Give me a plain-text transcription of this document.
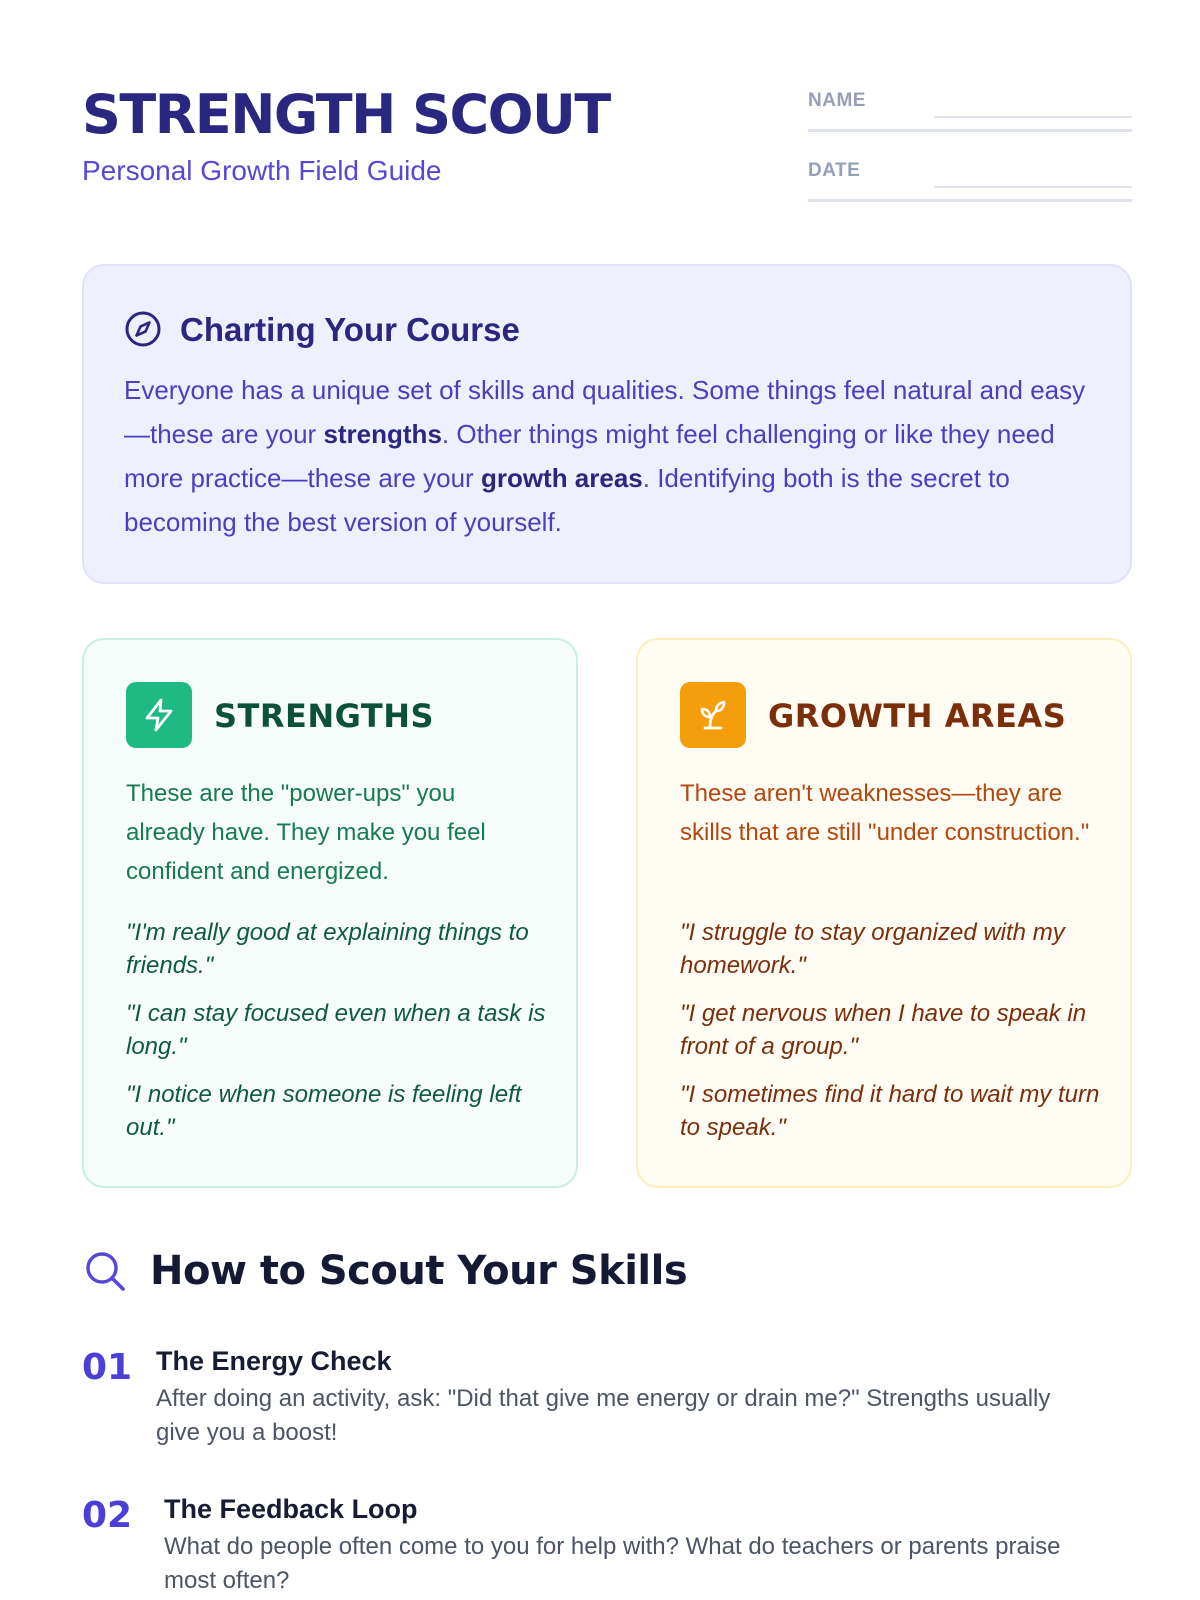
STRENGTH SCOUT
Personal Growth Field Guide
NAME
DATE
Charting Your Course

Everyone has a unique set of skills and qualities. Some things feel natural and easy—these are your strengths. Other things might feel challenging or like they need more practice—these are your growth areas. Identifying both is the secret to becoming the best version of yourself.

STRENGTHS

These are the "power-ups" you already have. They make you feel confident and energized.

"I'm really good at explaining things to friends."
"I can stay focused even when a task is long."
"I notice when someone is feeling left out."
GROWTH AREAS

These aren't weaknesses—they are skills that are still "under construction."

"I struggle to stay organized with my homework."
"I get nervous when I have to speak in front of a group."
"I sometimes find it hard to wait my turn to speak."
How to Scout Your Skills
01 The Energy Check

After doing an activity, ask: "Did that give me energy or drain me?" Strengths usually give you a boost!

02 The Feedback Loop

What do people often come to you for help with? What do teachers or parents praise most often?
